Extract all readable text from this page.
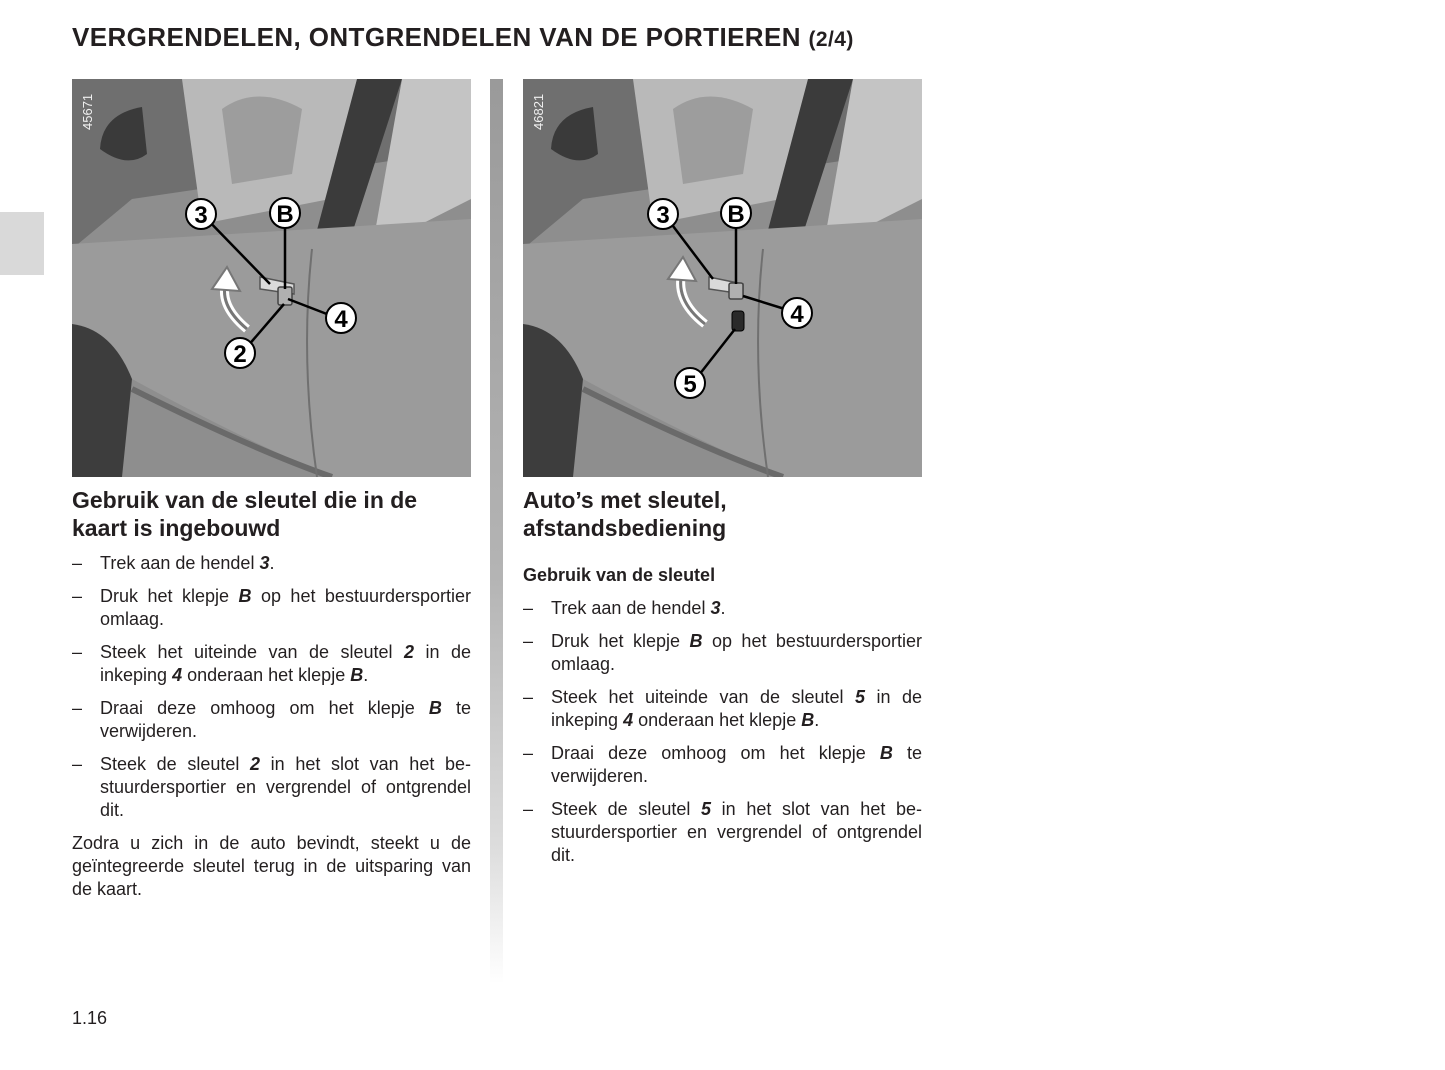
VERGRENDELEN, ONTGRENDELEN VAN DE PORTIEREN (2/4)
3	B
4
2
45671
Gebruik van de sleutel die in de kaart is ingebouwd
– Trek aan de hendel 3.
– Druk het klepje B op het bestuurdersportier omlaag.
– Steek het uiteinde van de sleutel 2 in de inkeping 4 onderaan het klepje B.
– Draai deze omhoog om het klepje B te verwijderen.
– Steek de sleutel 2 in het slot van het bestuurdersportier en vergrendel of ontgrendel dit.

Zodra u zich in de auto bevindt, steekt u de geïntegreerde sleutel terug in de uitsparing van de kaart.

3 B
4
5
46821
Auto’s met sleutel, afstandsbediening
Gebruik van de sleutel
– Trek aan de hendel 3.
– Druk het klepje B op het bestuurdersportier omlaag.
– Steek het uiteinde van de sleutel 5 in de inkeping 4 onderaan het klepje B.
– Draai deze omhoog om het klepje B te verwijderen.
– Steek de sleutel 5 in het slot van het bestuurdersportier en vergrendel of ontgrendel dit.
1.16
